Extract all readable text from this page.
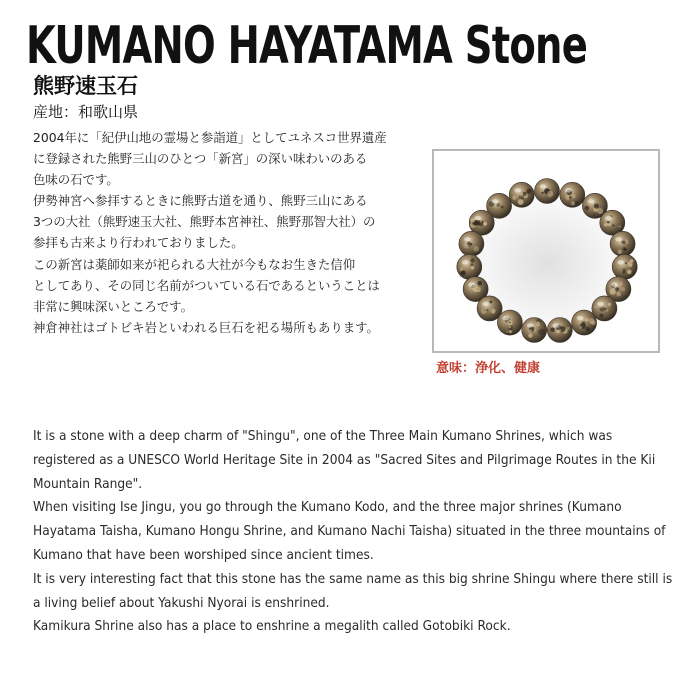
KUMANO HAYATAMA Stone
熊野速玉石
産地：和歌山県
2004年に「紀伊山地の霊場と参詣道」としてユネスコ世界遺産
に登録された熊野三山のひとつ「新宮」の深い味わいのある
色味の石です。
伊勢神宮へ参拝するときに熊野古道を通り、熊野三山にある
3つの大社（熊野速玉大社、熊野本宮神社、熊野那智大社）の
参拝も古来より行われておりました。
この新宮は薬師如来が祀られる大社が今もなお生きた信仰
としてあり、その同じ名前がついている石であるということは
非常に興味深いところです。
神倉神社はゴトビキ岩といわれる巨石を祀る場所もあります。
意味：浄化、健康
It is a stone with a deep charm of "Shingu", one of the Three Main Kumano Shrines, which was
registered as a UNESCO World Heritage Site in 2004 as "Sacred Sites and Pilgrimage Routes in the Kii
Mountain Range".
When visiting Ise Jingu, you go through the Kumano Kodo, and the three major shrines (Kumano
Hayatama Taisha, Kumano Hongu Shrine, and Kumano Nachi Taisha) situated in the three mountains of
Kumano that have been worshiped since ancient times.
It is very interesting fact that this stone has the same name as this big shrine Shingu where there still is
a living belief about Yakushi Nyorai is enshrined.
Kamikura Shrine also has a place to enshrine a megalith called Gotobiki Rock.
